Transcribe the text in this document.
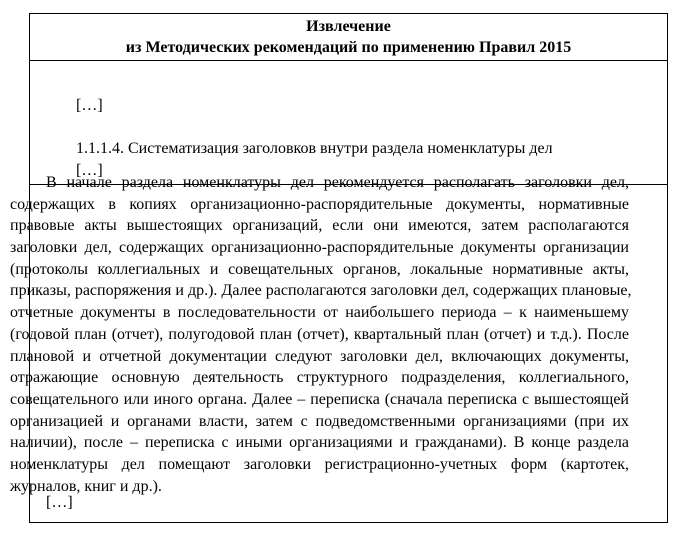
Извлечение
из Методических рекомендаций по применению Правил 2015
[…]
1.1.1.4. Систематизация заголовков внутри раздела номенклатуры дел
[…]
В начале раздела номенклатуры дел рекомендуется располагать заголовки дел,
содержащих в копиях организационно-распорядительные документы, нормативные
правовые акты вышестоящих организаций, если они имеются, затем располагаются
заголовки дел, содержащих организационно-распорядительные документы организации
(протоколы коллегиальных и совещательных органов, локальные нормативные акты,
приказы, распоряжения и др.). Далее располагаются заголовки дел, содержащих плановые,
отчетные документы в последовательности от наибольшего периода – к наименьшему
(годовой план (отчет), полугодовой план (отчет), квартальный план (отчет) и т.д.). После
плановой и отчетной документации следуют заголовки дел, включающих документы,
отражающие основную деятельность структурного подразделения, коллегиального,
совещательного или иного органа. Далее – переписка (сначала переписка с вышестоящей
организацией и органами власти, затем с подведомственными организациями (при их
наличии), после – переписка с иными организациями и гражданами). В конце раздела
номенклатуры дел помещают заголовки регистрационно-учетных форм (картотек,
журналов, книг и др.).
[…]
